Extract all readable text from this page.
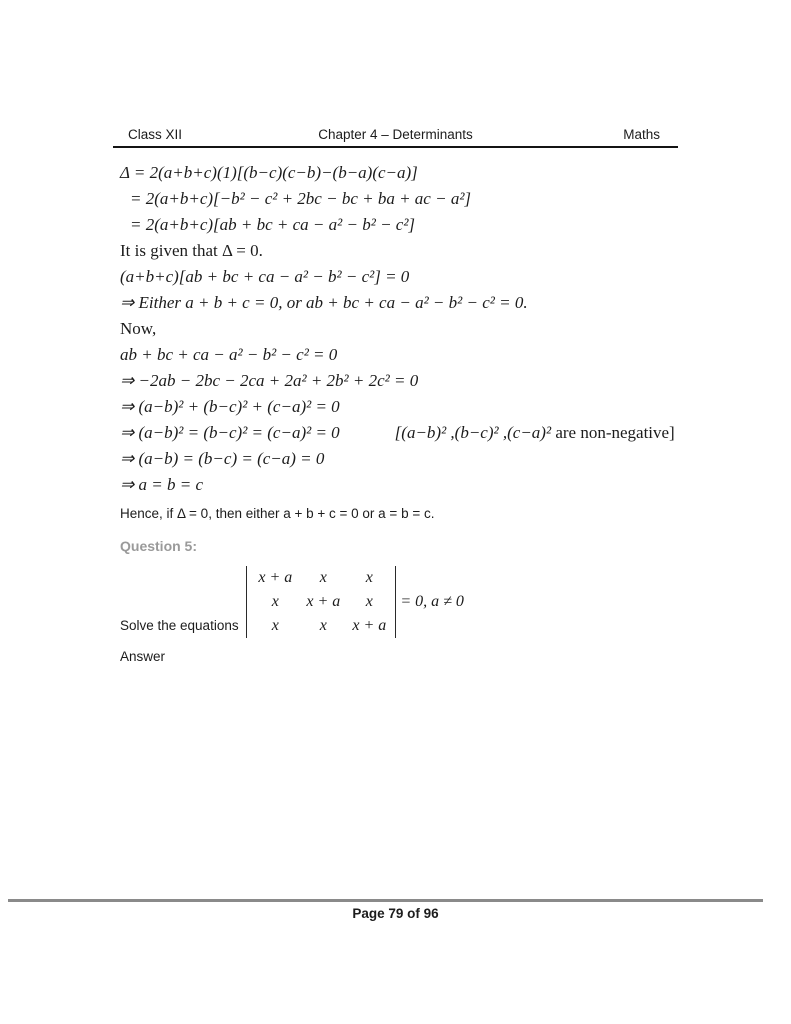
Class XII	Chapter 4 – Determinants	Maths
Δ = 2(a+b+c)(1)[(b−c)(c−b)−(b−a)(c−a)]
= 2(a+b+c)[−b² − c² + 2bc − bc + ba + ac − a²]
= 2(a+b+c)[ab + bc + ca − a² − b² − c²]
It is given that Δ = 0.
(a+b+c)[ab + bc + ca − a² − b² − c²] = 0
⇒ Either a + b + c = 0, or ab + bc + ca − a² − b² − c² = 0.
Now,
ab + bc + ca − a² − b² − c² = 0
⇒ −2ab − 2bc − 2ca + 2a² + 2b² + 2c² = 0
⇒ (a−b)² + (b−c)² + (c−a)² = 0
⇒ (a−b)² = (b−c)² = (c−a)² = 0	[(a−b)² ,(b−c)² ,(c−a)² are non-negative]
⇒ (a−b) = (b−c) = (c−a) = 0
⇒ a = b = c
Hence, if Δ = 0, then either a + b + c = 0 or a = b = c.
Question 5:
Solve the equations
x + a	x	x
x	x + a	x
x	x	x + a
= 0, a ≠ 0
Answer
Page 79 of 96
